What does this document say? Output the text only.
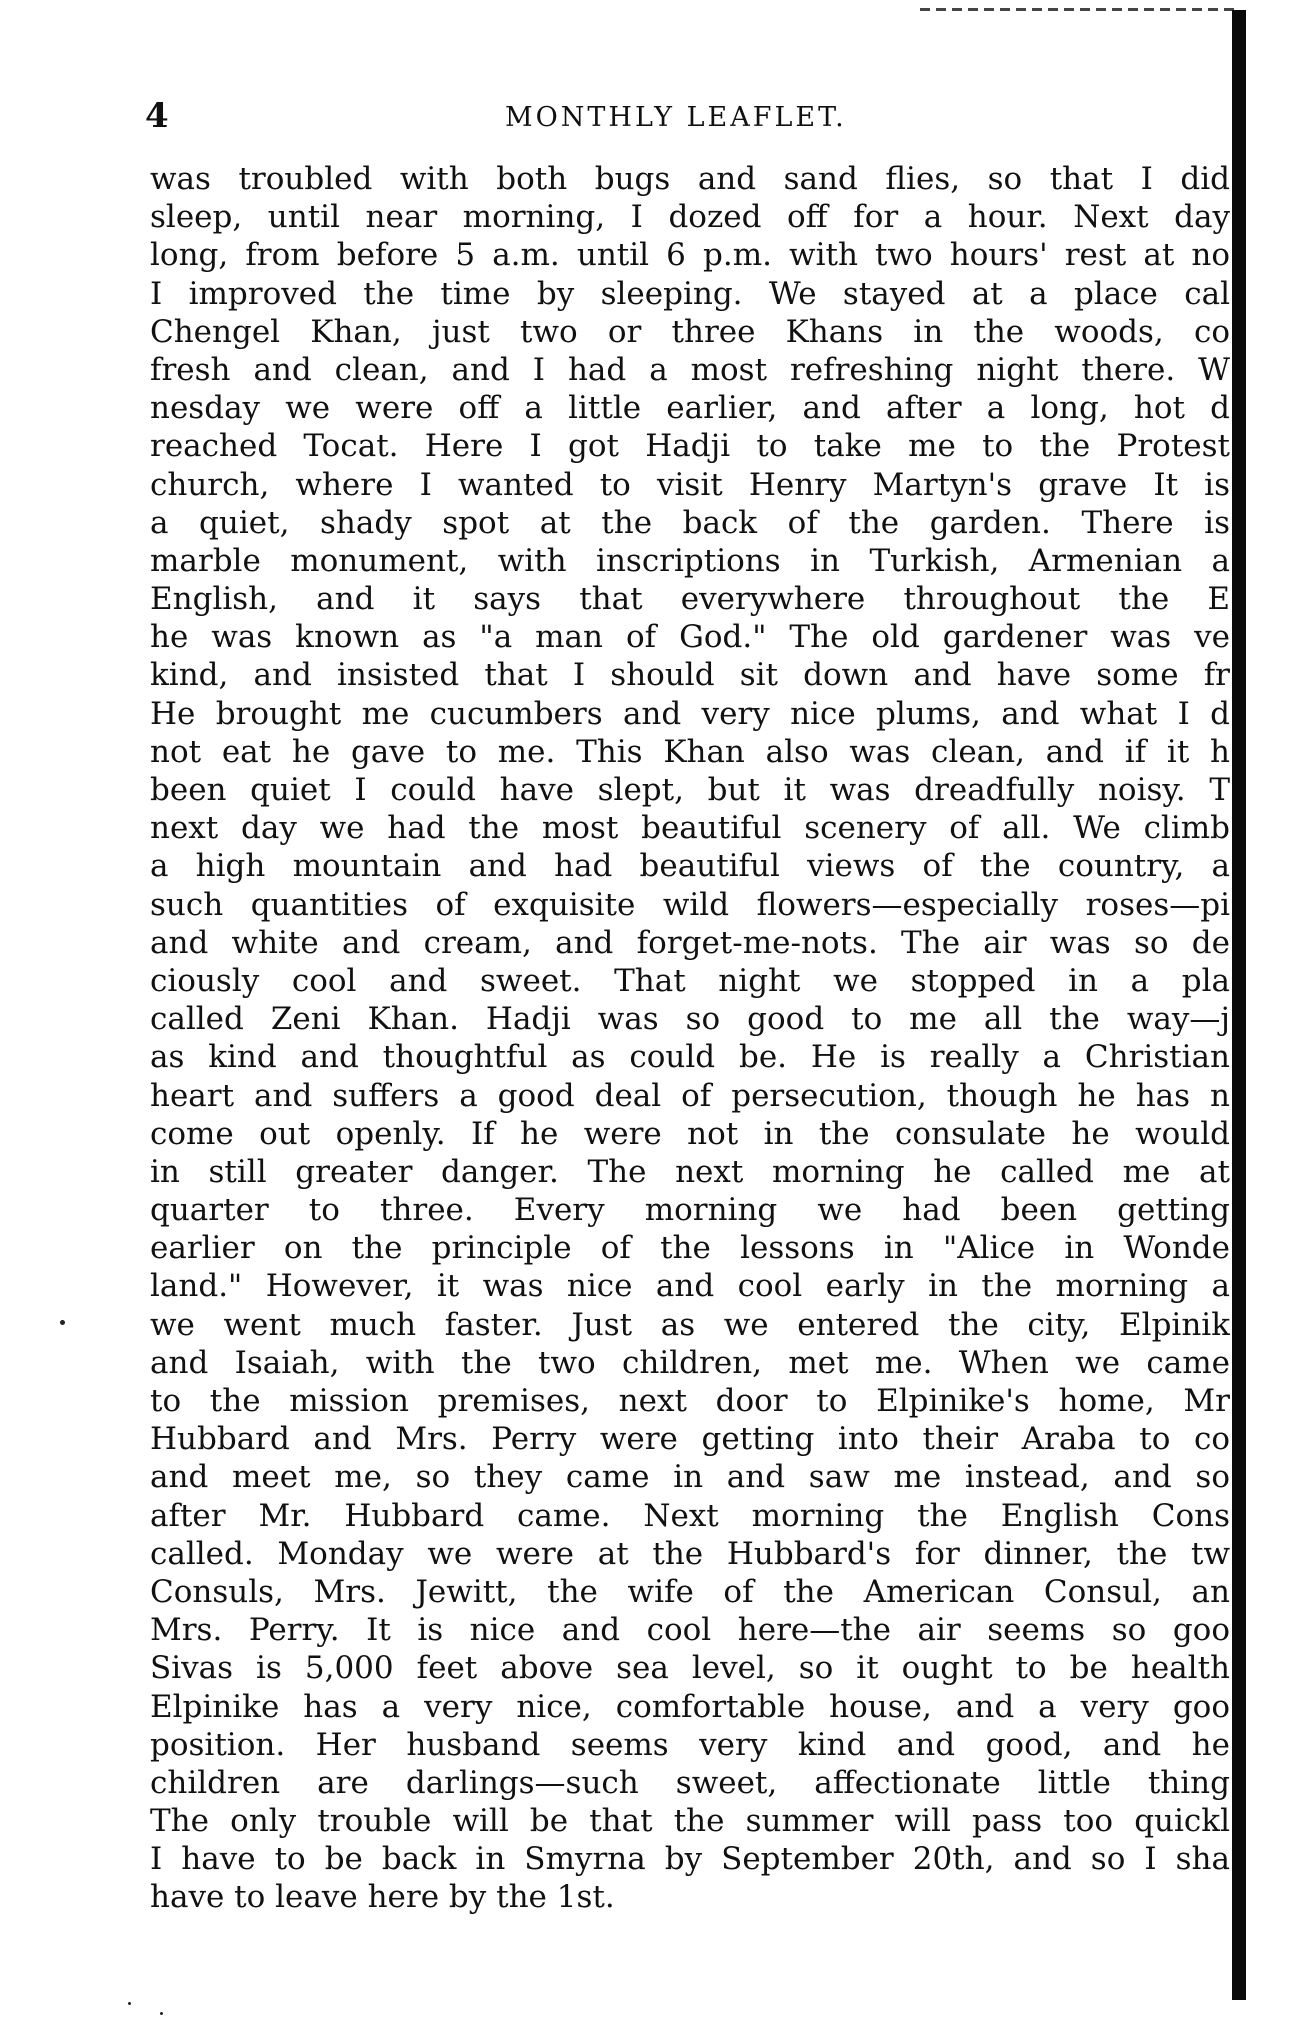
4	MONTHLY LEAFLET.
was troubled with both bugs and sand flies, so that I did
sleep, until near morning, I dozed off for a hour. Next day
long, from before 5 a.m. until 6 p.m. with two hours' rest at no
I improved the time by sleeping. We stayed at a place cal
Chengel Khan, just two or three Khans in the woods, co
fresh and clean, and I had a most refreshing night there. W
nesday we were off a little earlier, and after a long, hot d
reached Tocat. Here I got Hadji to take me to the Protest
church, where I wanted to visit Henry Martyn's grave It is
a quiet, shady spot at the back of the garden. There is
marble monument, with inscriptions in Turkish, Armenian a
English, and it says that everywhere throughout the E
he was known as "a man of God." The old gardener was ve
kind, and insisted that I should sit down and have some fr
He brought me cucumbers and very nice plums, and what I d
not eat he gave to me. This Khan also was clean, and if it h
been quiet I could have slept, but it was dreadfully noisy. T
next day we had the most beautiful scenery of all. We climb
a high mountain and had beautiful views of the country, a
such quantities of exquisite wild flowers—especially roses—pi
and white and cream, and forget-me-nots. The air was so de
ciously cool and sweet. That night we stopped in a pla
called Zeni Khan. Hadji was so good to me all the way—j
as kind and thoughtful as could be. He is really a Christian
heart and suffers a good deal of persecution, though he has n
come out openly. If he were not in the consulate he would
in still greater danger. The next morning he called me at
quarter to three. Every morning we had been getting
earlier on the principle of the lessons in "Alice in Wonde
land." However, it was nice and cool early in the morning a
we went much faster. Just as we entered the city, Elpinik
and Isaiah, with the two children, met me. When we came
to the mission premises, next door to Elpinike's home, Mr
Hubbard and Mrs. Perry were getting into their Araba to co
and meet me, so they came in and saw me instead, and so
after Mr. Hubbard came. Next morning the English Cons
called. Monday we were at the Hubbard's for dinner, the tw
Consuls, Mrs. Jewitt, the wife of the American Consul, an
Mrs. Perry. It is nice and cool here—the air seems so goo
Sivas is 5,000 feet above sea level, so it ought to be health
Elpinike has a very nice, comfortable house, and a very goo
position. Her husband seems very kind and good, and he
children are darlings—such sweet, affectionate little thing
The only trouble will be that the summer will pass too quickl
I have to be back in Smyrna by September 20th, and so I sha
have to leave here by the 1st.
